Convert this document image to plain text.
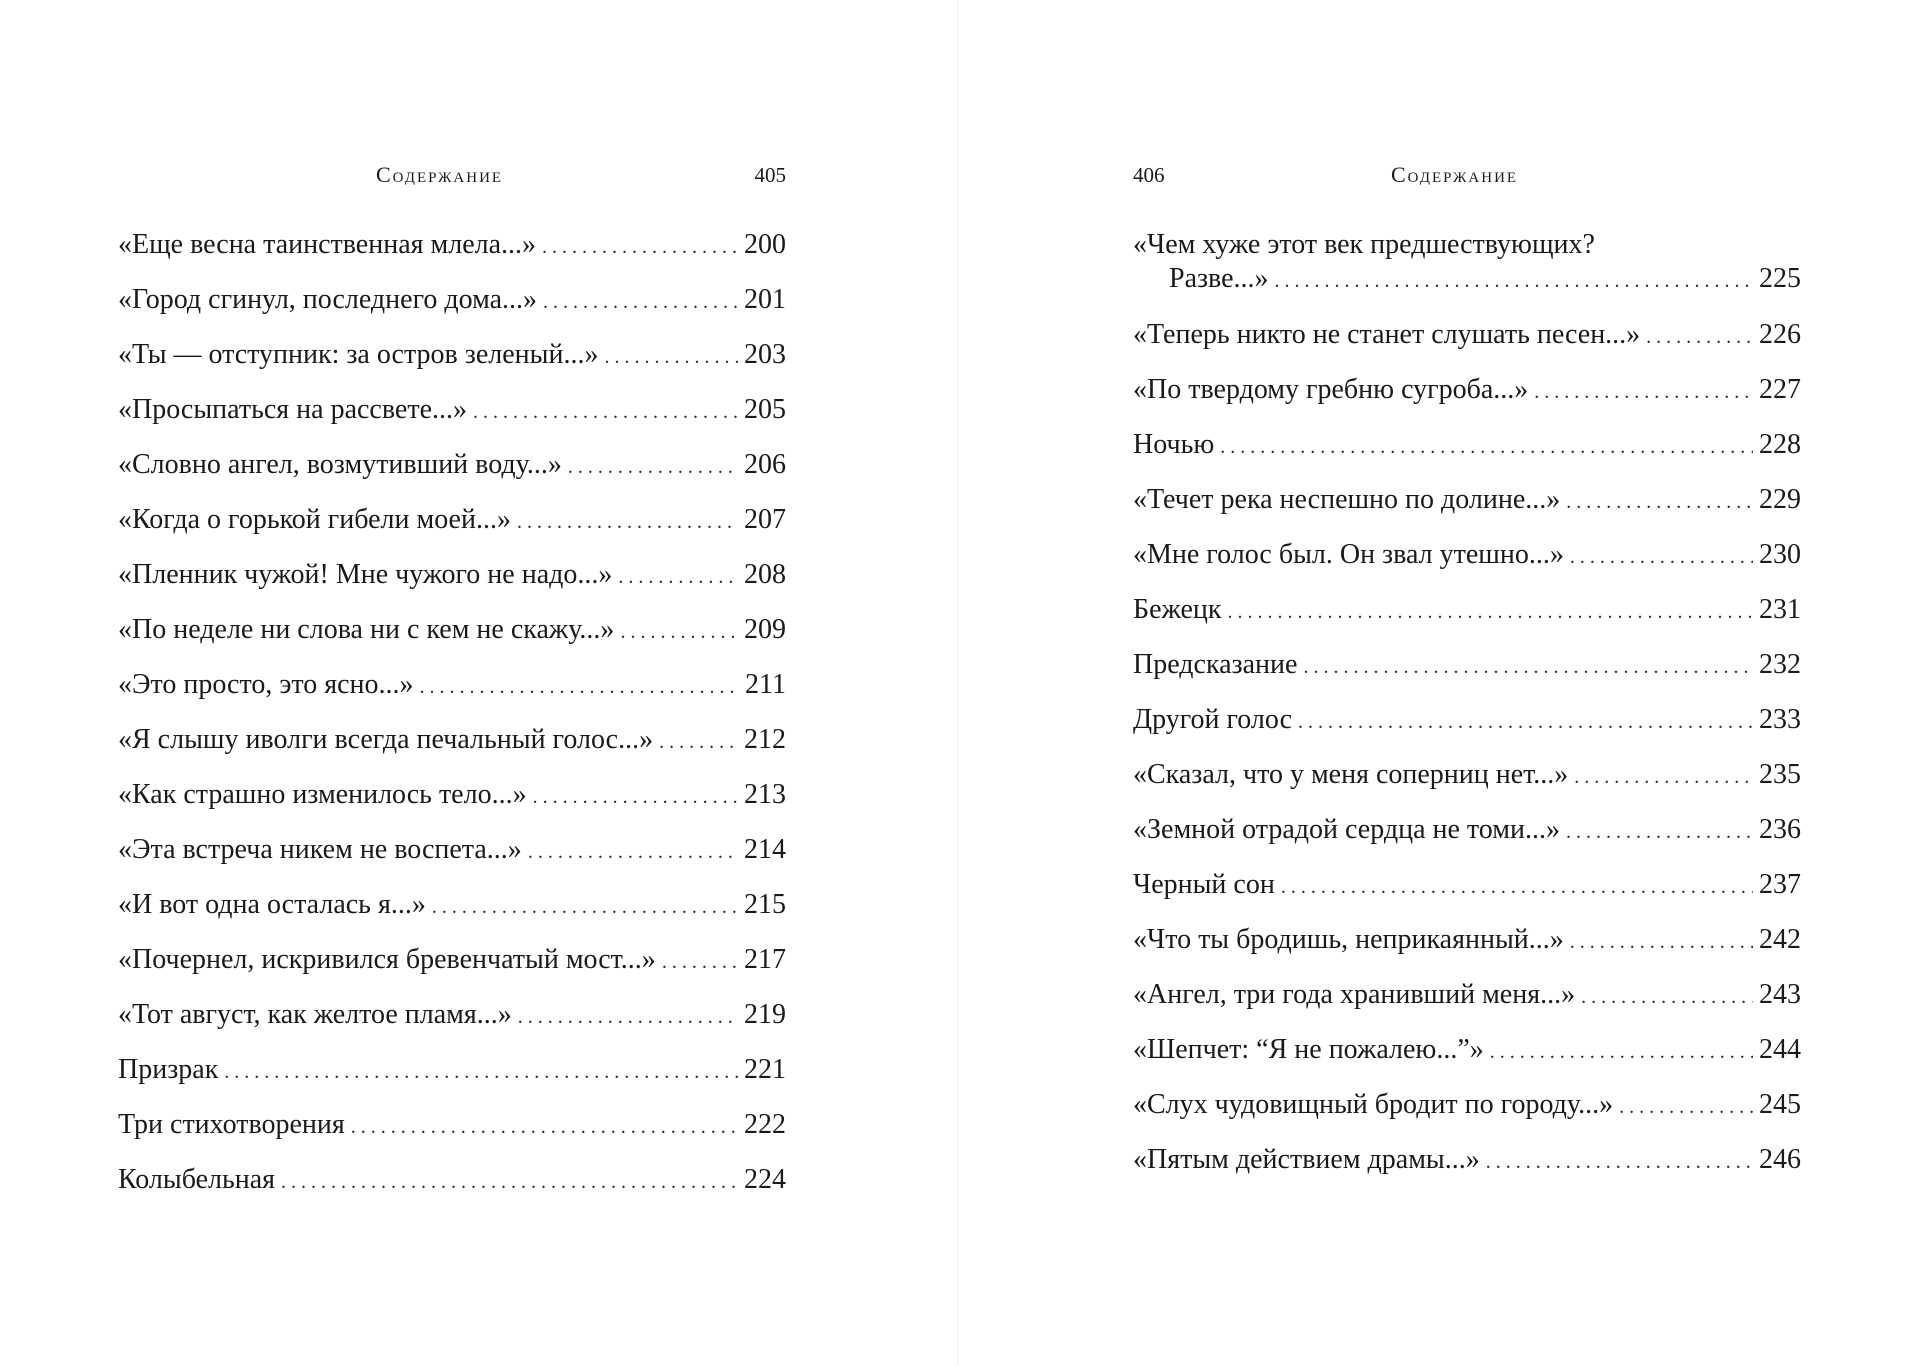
Содержание	405
«Еще весна таинственная млела...» . . .	200
«Город сгинул, последнего дома...» . . .	201
«Ты — отступник: за остров зеленый...» . . .	203
«Просыпаться на рассвете...» . . .	205
«Словно ангел, возмутивший воду...» . . .	206
«Когда о горькой гибели моей...» . . .	207
«Пленник чужой! Мне чужого не надо...» . . .	208
«По неделе ни слова ни с кем не скажу...» . . .	209
«Это просто, это ясно...» . . .	211
«Я слышу иволги всегда печальный голос...» . . .	212
«Как страшно изменилось тело...» . . .	213
«Эта встреча никем не воспета...» . . .	214
«И вот одна осталась я...» . . .	215
«Почернел, искривился бревенчатый мост...» . . .	217
«Тот август, как желтое пламя...» . . .	219
Призрак . . .	221
Три стихотворения . . .	222
Колыбельная . . .	224
406	Содержание
«Чем хуже этот век предшествующих?
Разве...» . . .	225
«Теперь никто не станет слушать песен...» . . .	226
«По твердому гребню сугроба...» . . .	227
Ночью . . .	228
«Течет река неспешно по долине...» . . .	229
«Мне голос был. Он звал утешно...» . . .	230
Бежецк . . .	231
Предсказание . . .	232
Другой голос . . .	233
«Сказал, что у меня соперниц нет...» . . .	235
«Земной отрадой сердца не томи...» . . .	236
Черный сон . . .	237
«Что ты бродишь, неприкаянный...» . . .	242
«Ангел, три года хранивший меня...» . . .	243
«Шепчет: “Я не пожалею...”» . . .	244
«Слух чудовищный бродит по городу...» . . .	245
«Пятым действием драмы...» . . .	246
